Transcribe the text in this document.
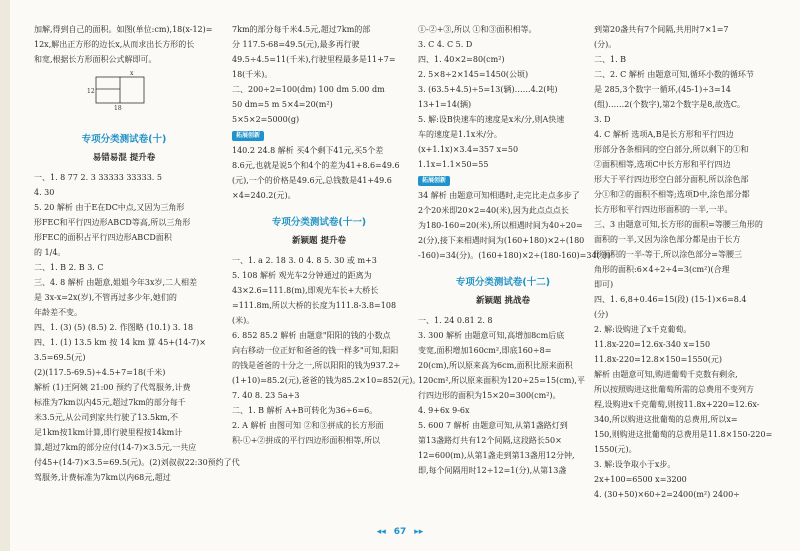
加解,得到自己的面积。如图(单位:cm),18(x-12)=
12x,解出正方形的边长x,从而求出长方形的长
和宽,根据长方形面积公式解即可。
x
12
18
专项分类测试卷(十)
易错易混 提升卷
一、1. 8 77 2. 3 33333 33333. 5
4. 30
5. 20 解析 由于E在DC中点,又因为三角形
形FEC和平行四边形ABCD等高,所以三角形
形FEC的面积占平行四边形ABCD面积
的 1/4。
二、1. B 2. B 3. C
三、4. 8 解析 由题意,姐姐今年3x岁,二人相差
是 3x-x=2x(岁),不管再过多少年,她们的
年龄差不变。
四、1. (3) (5) (8.5) 2. 作图略 (10.1) 3. 18
四、1. (1) 13.5 km 按 14 km 算 45+(14-7)×
3.5=69.5(元)
(2)(117.5-69.5)÷4.5+7=18(千米)
解析 (1)王阿姨 21:00 预约了代驾服务,计费
标准为7km以内45元,超过7km的部分每千
米3.5元,从公司到家共行驶了13.5km,不
足1km按1km计算,即行驶里程按14km计
算,超过7km的部分应付(14-7)×3.5元,一共应
付45+(14-7)×3.5=69.5(元)。(2)刘叔叔22:30预约了代
驾服务,计费标准为7km以内68元,超过
7km的部分每千米4.5元,超过7km的部
分 117.5-68=49.5(元),最多再行驶
49.5÷4.5=11(千米),行驶里程最多是11+7=
18(千米)。
二、200÷2=100(dm) 100 dm 5.00 dm
50 dm=5 m 5×4=20(m²)
5×5×2=5000(g)
拓展创新
140.2 24.8 解析 买4个剩下41元,买5个差
8.6元,也就是说5个和4个的差为41+8.6=49.6
(元),一个的价格是49.6元,总钱数是41+49.6
×4=240.2(元)。
专项分类测试卷(十一)
新颖题 提升卷
一、1. a 2. 18 3. 0 4. 8 5. 30 或 m+3
5. 108 解析 观光车2分钟通过的距离为
43×2.6=111.8(m),即观光车长+大桥长
=111.8m,所以大桥的长度为111.8-3.8=108
(米)。
6. 852 85.2 解析 由题意"阳阳的钱的小数点
向右移动一位正好和爸爸的钱一样多"可知,阳阳
的钱是爸爸的十分之一,所以阳阳的钱为937.2÷
(1+10)=85.2(元),爸爸的钱为85.2×10=852(元)。
7. 40 8. 23 5a+3
二、1. B 解析 A+B可转化为36÷6=6。
2. A 解析 由图可知 ②和③拼成的长方形面
积-①+②拼成的平行四边形面积相等,所以
①-②+③,所以 ①和③面积相等。
3. C 4. C 5. D
四、1. 40×2=80(cm²)
2. 5×8÷2×145=1450(公顷)
3. (63.5+4.5)÷5=13(辆)……4.2(吨)
13+1=14(辆)
5. 解:设B快速车的速度是x米/分,则A快速
车的速度是1.1x米/分。
(x+1.1x)×3.4=357 x=50
1.1x=1.1×50=55
拓展创新
34 解析 由题意可知相遇时,走完比走点多步了
2个20米即20×2=40(米),因为此点点点长
为180-160=20(米),所以相遇时间为40÷20=
2(分),接下来相遇时间为(160+180)×2÷(180
-160)=34(分)。(160+180)×2÷(180-160)=34(分)
专项分类测试卷(十二)
新颖题 挑战卷
一、1. 24 0.81 2. 8
3. 300 解析 由题意可知,高增加8cm后底
变宽,面积增加160cm²,即底160÷8=
20(cm),所以原来高为6cm,面积比原来面积
120cm²,所以原来面积为120÷25=15(cm),平
行四边形的面积为15×20=300(cm²)。
4. 9+6x 9-6x
5. 600 7 解析 由题意可知,从第1盏路灯到
第13盏路灯共有12个间隔,这段路长50×
12=600(m),从第1盏走到第13盏用12分钟,
即,每个间隔用时12÷12=1(分),从第13盏
到第20盏共有7个间隔,共用时7×1=7
(分)。
二、1. B
二、2. C 解析 由题意可知,循环小数的循环节
是 285,3个数字一循环,(45-1)÷3=14
(组)……2(个数字),第2个数字是8,故选C。
3. D
4. C 解析 选项A,B是长方形和平行四边
形部分各条相同的空白部分,所以剩下的①和
②面积相等,选项C中长方形和平行四边
形大于平行四边形空白部分面积,所以涂色部
分①和②的面积不相等;选项D中,涂色部分都
长方形和平行四边形面积的一半,一半。
三、3 由题意可知,长方形的面积=等腰三角形的
面积的一半,又因为涂色部分都是由于长方
形面积的一半-等于,所以涂色部分=等腰三
角形的面积:6×4÷2÷4=3(cm²)(合理
即可)
四、1. 6,8+0.46=15(段) (15-1)×6=8.4
(分)
2. 解:设购进了x千克葡萄。
11.8x-220=12.6x-340 x=150
11.8x-220=12.8×150=1550(元)
解析 由题意可知,购进葡萄千克数有剩余,
所以按照购进这批葡萄所需的总费用不变列方
程,设购进x千克葡萄,则按11.8x+220=12.6x-
340,所以购进这批葡萄的总费用,所以x=
150,则购进这批葡萄的总费用是11.8×150-220=
1550(元)。
3. 解:设争取小于x步。
2x+100=6500 x=3200
4. (30+50)×60÷2=2400(m²) 2400÷
◂◂ 67 ▸▸
